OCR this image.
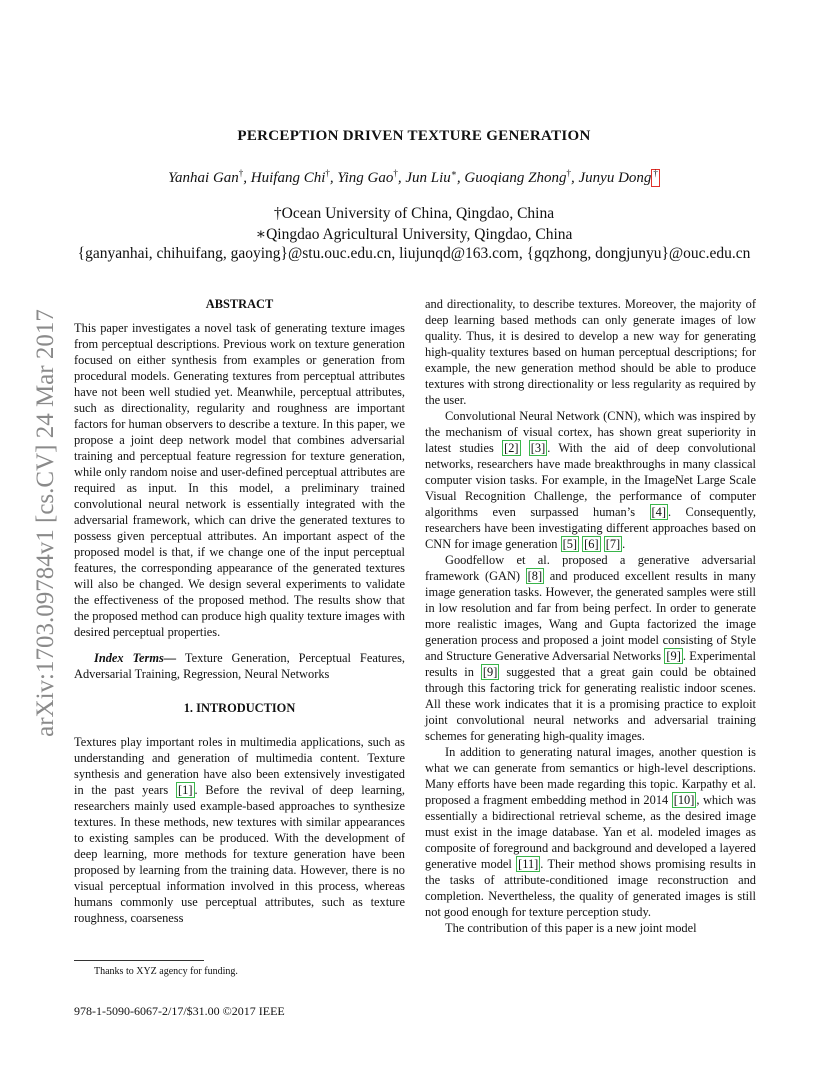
arXiv:1703.09784v1 [cs.CV] 24 Mar 2017
PERCEPTION DRIVEN TEXTURE GENERATION
Yanhai Gan†, Huifang Chi†, Ying Gao†, Jun Liu∗, Guoqiang Zhong†, Junyu Dong †
†Ocean University of China, Qingdao, China
∗Qingdao Agricultural University, Qingdao, China
{ganyanhai, chihuifang, gaoying}@stu.ouc.edu.cn, liujunqd@163.com, {gqzhong, dongjunyu}@ouc.edu.cn
ABSTRACT

This paper investigates a novel task of generating texture images from perceptual descriptions. Previous work on texture generation focused on either synthesis from examples or generation from procedural models. Generating textures from perceptual attributes have not been well studied yet. Meanwhile, perceptual attributes, such as directionality, regularity and roughness are important factors for human observers to describe a texture. In this paper, we propose a joint deep network model that combines adversarial training and perceptual feature regression for texture generation, while only random noise and user-defined perceptual attributes are required as input. In this model, a preliminary trained convolutional neural network is essentially integrated with the adversarial framework, which can drive the generated textures to possess given perceptual attributes. An important aspect of the proposed model is that, if we change one of the input perceptual features, the corresponding appearance of the generated textures will also be changed. We design several experiments to validate the effectiveness of the proposed method. The results show that the proposed method can produce high quality texture images with desired perceptual properties.

Index Terms— Texture Generation, Perceptual Features, Adversarial Training, Regression, Neural Networks

1. INTRODUCTION

Textures play important roles in multimedia applications, such as understanding and generation of multimedia content. Texture synthesis and generation have also been extensively investigated in the past years [1] . Before the revival of deep learning, researchers mainly used example-based approaches to synthesize textures. In these methods, new textures with similar appearances to existing samples can be produced. With the development of deep learning, more methods for texture generation have been proposed by learning from the training data. However, there is no visual perceptual information involved in this process, whereas humans commonly use perceptual attributes, such as texture roughness, coarseness

and directionality, to describe textures. Moreover, the majority of deep learning based methods can only generate images of low quality. Thus, it is desired to develop a new way for generating high-quality textures based on human perceptual descriptions; for example, the new generation method should be able to produce textures with strong directionality or less regularity as required by the user.

Convolutional Neural Network (CNN), which was inspired by the mechanism of visual cortex, has shown great superiority in latest studies [2] [3] . With the aid of deep convolutional networks, researchers have made breakthroughs in many classical computer vision tasks. For example, in the ImageNet Large Scale Visual Recognition Challenge, the performance of computer algorithms even surpassed human’s [4] . Consequently, researchers have been investigating different approaches based on CNN for image generation [5] [6] [7] .

Goodfellow et al. proposed a generative adversarial framework (GAN) [8] and produced excellent results in many image generation tasks. However, the generated samples were still in low resolution and far from being perfect. In order to generate more realistic images, Wang and Gupta factorized the image generation process and proposed a joint model consisting of Style and Structure Generative Adversarial Networks [9] . Experimental results in [9] suggested that a great gain could be obtained through this factoring trick for generating realistic indoor scenes. All these work indicates that it is a promising practice to exploit joint convolutional neural networks and adversarial training schemes for generating high-quality images.

In addition to generating natural images, another question is what we can generate from semantics or high-level descriptions. Many efforts have been made regarding this topic. Karpathy et al. proposed a fragment embedding method in 2014 [10] , which was essentially a bidirectional retrieval scheme, as the desired image must exist in the image database. Yan et al. modeled images as composite of foreground and background and developed a layered generative model [11] . Their method shows promising results in the tasks of attribute-conditioned image reconstruction and completion. Nevertheless, the quality of generated images is still not good enough for texture perception study.

The contribution of this paper is a new joint model

Thanks to XYZ agency for funding.
978-1-5090-6067-2/17/$31.00 ©2017 IEEE
